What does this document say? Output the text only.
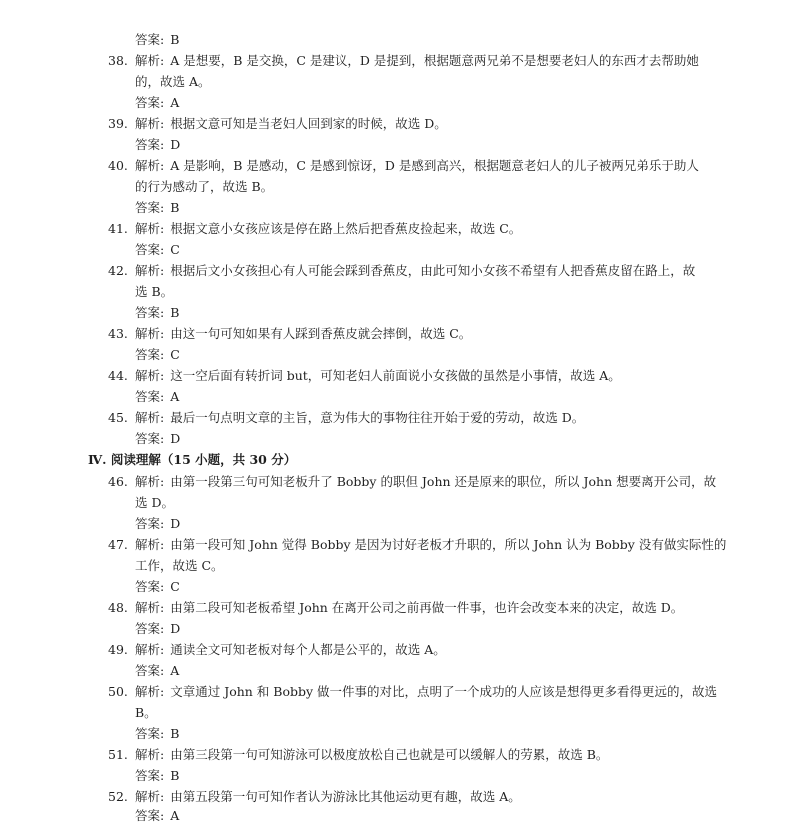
答案: B
38. 解析: A 是想要，B 是交换，C 是建议，D 是提到，根据题意两兄弟不是想要老妇人的东西才去帮助她
的，故选 A。
答案: A
39. 解析: 根据文意可知是当老妇人回到家的时候，故选 D。
答案: D
40. 解析: A 是影响，B 是感动，C 是感到惊讶，D 是感到高兴，根据题意老妇人的儿子被两兄弟乐于助人
的行为感动了，故选 B。
答案: B
41. 解析: 根据文意小女孩应该是停在路上然后把香蕉皮捡起来，故选 C。
答案: C
42. 解析: 根据后文小女孩担心有人可能会踩到香蕉皮，由此可知小女孩不希望有人把香蕉皮留在路上，故
选 B。
答案: B
43. 解析: 由这一句可知如果有人踩到香蕉皮就会摔倒，故选 C。
答案: C
44. 解析: 这一空后面有转折词 but，可知老妇人前面说小女孩做的虽然是小事情，故选 A。
答案: A
45. 解析: 最后一句点明文章的主旨，意为伟大的事物往往开始于爱的劳动，故选 D。
答案: D
Ⅳ. 阅读理解（15 小题，共 30 分）
46. 解析: 由第一段第三句可知老板升了 Bobby 的职但 John 还是原来的职位，所以 John 想要离开公司，故
选 D。
答案: D
47. 解析: 由第一段可知 John 觉得 Bobby 是因为讨好老板才升职的，所以 John 认为 Bobby 没有做实际性的
工作，故选 C。
答案: C
48. 解析: 由第二段可知老板希望 John 在离开公司之前再做一件事，也许会改变本来的决定，故选 D。
答案: D
49. 解析: 通读全文可知老板对每个人都是公平的，故选 A。
答案: A
50. 解析: 文章通过 John 和 Bobby 做一件事的对比，点明了一个成功的人应该是想得更多看得更远的，故选
B。
答案: B
51. 解析: 由第三段第一句可知游泳可以极度放松自己也就是可以缓解人的劳累，故选 B。
答案: B
52. 解析: 由第五段第一句可知作者认为游泳比其他运动更有趣，故选 A。
答案: A
